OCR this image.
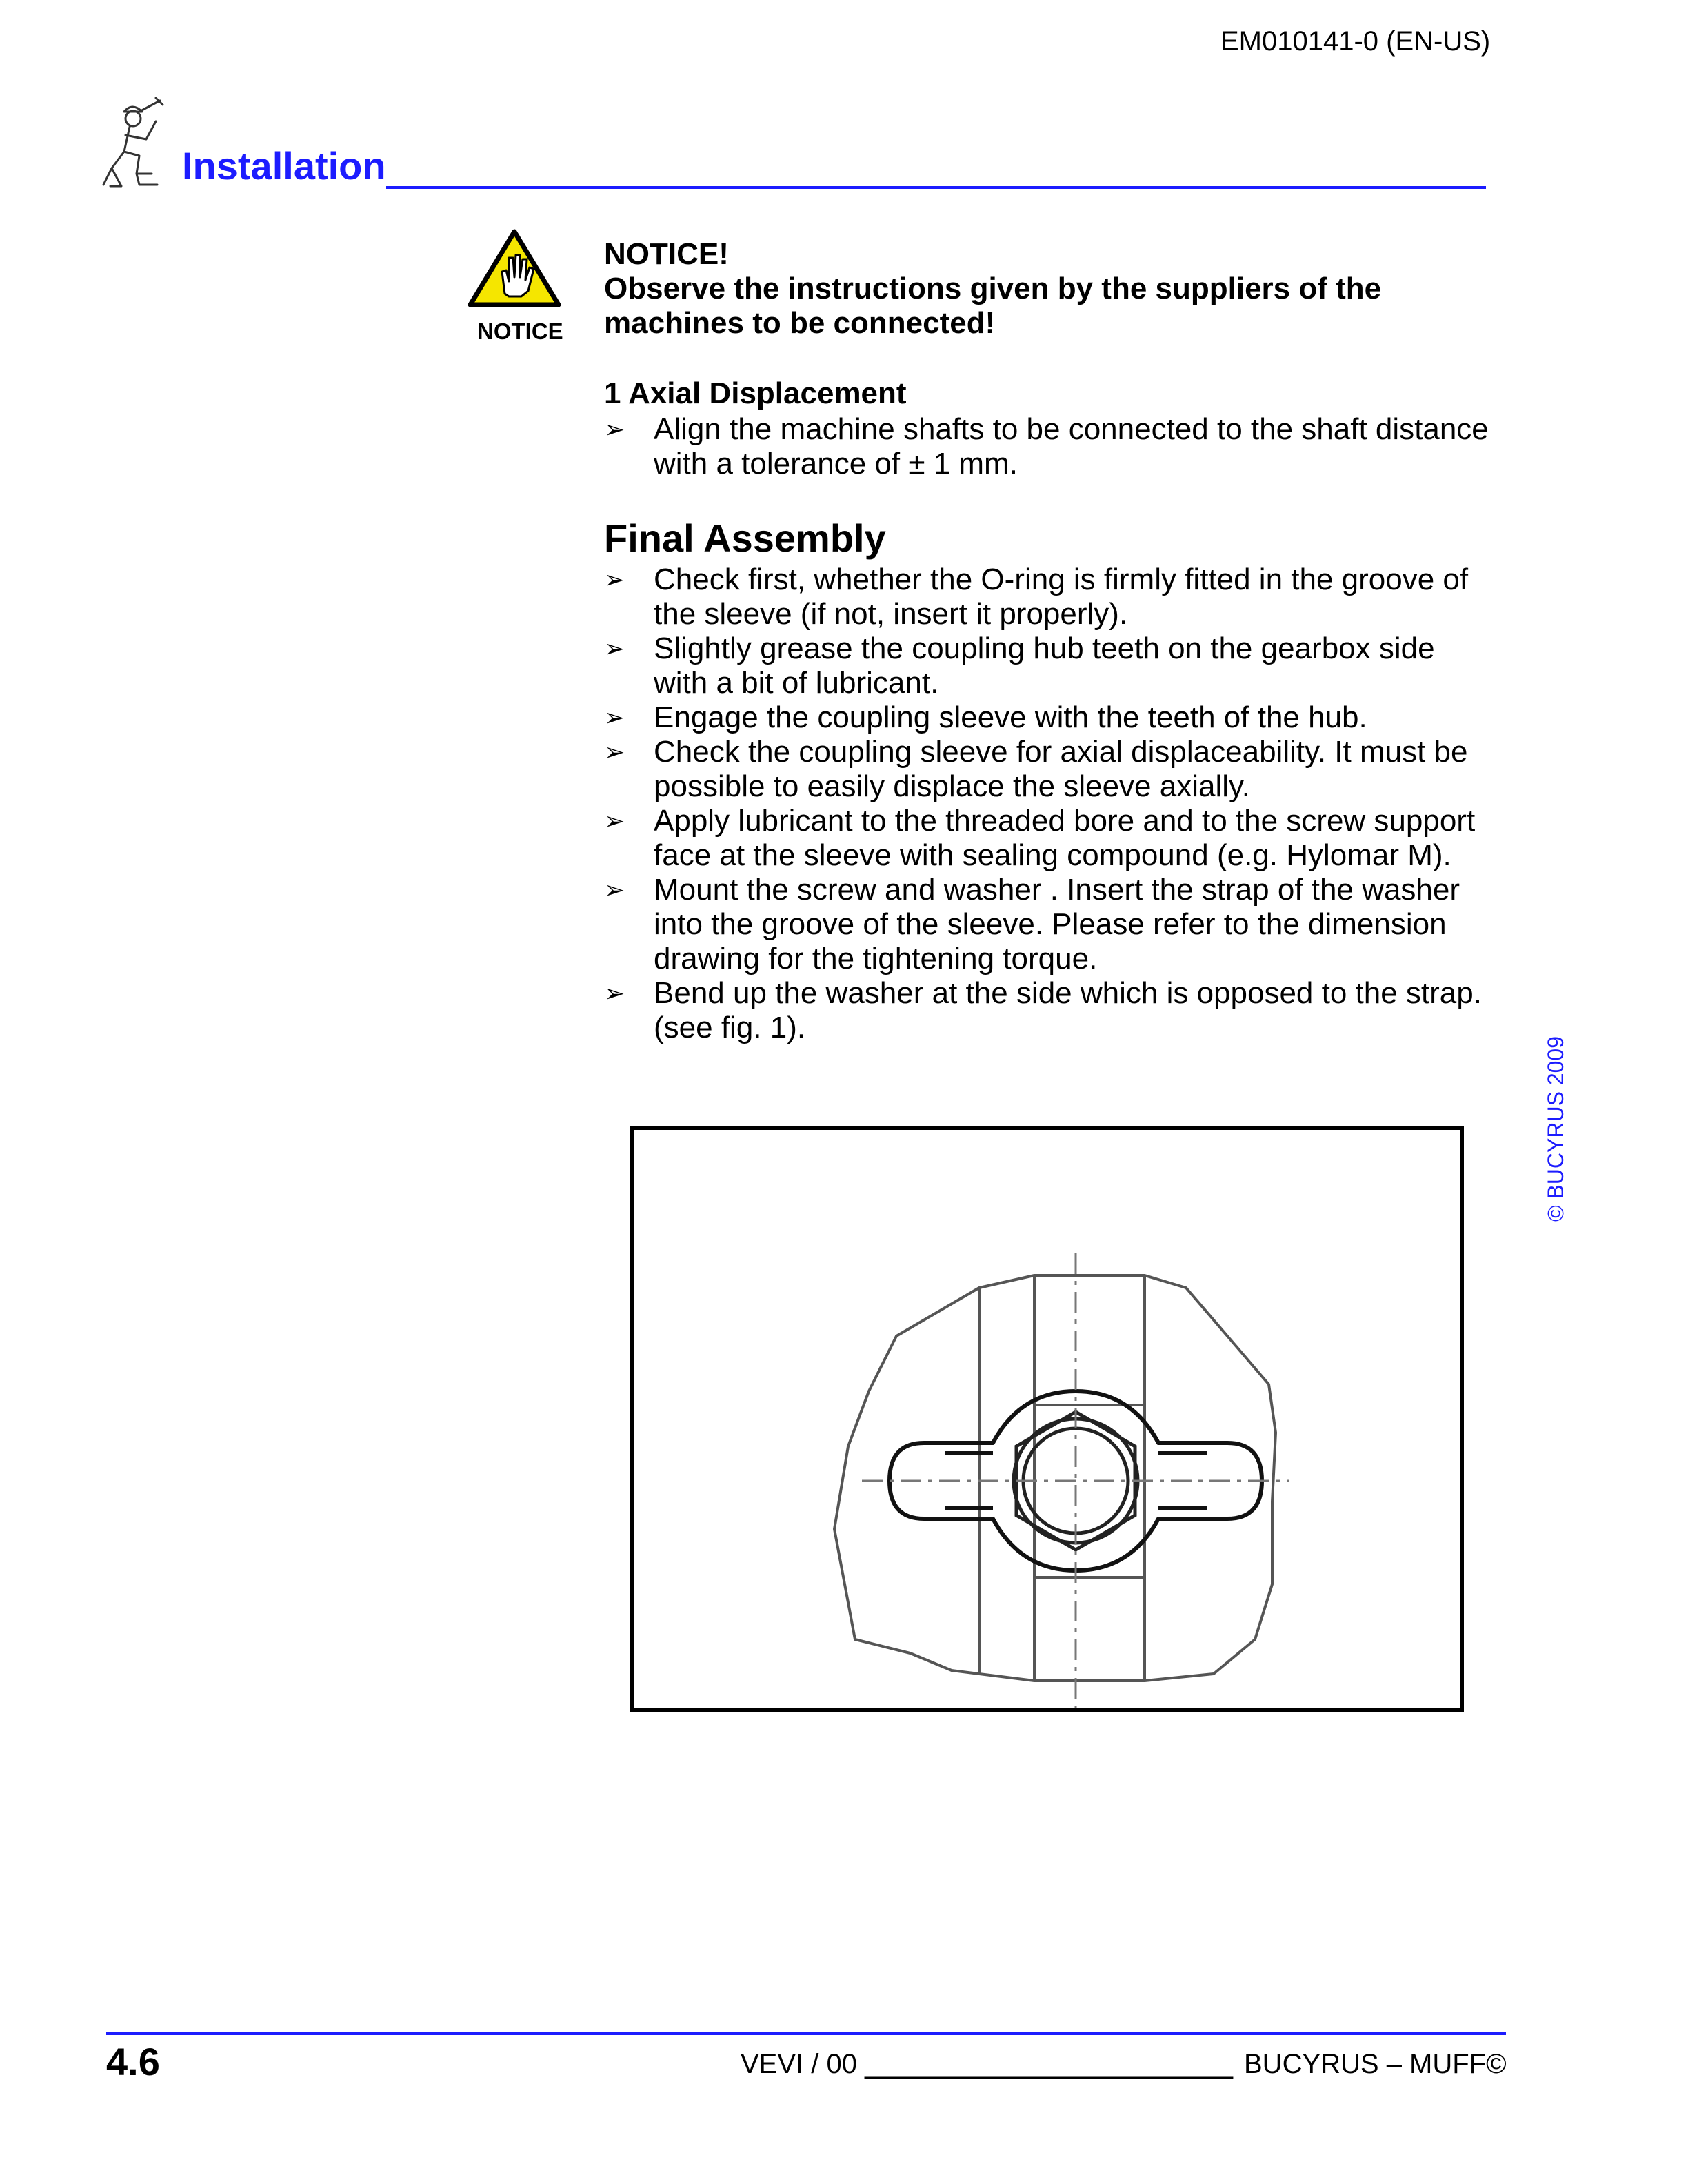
EM010141-0 (EN-US)
Installation
NOTICE
NOTICE!
Observe the instructions given by the suppliers of the machines to be connected!
1 Axial Displacement
➢ Align the machine shafts to be connected to the shaft distance with a tolerance of ± 1 mm.
Final Assembly
➢ Check first, whether the O-ring is firmly fitted in the groove of the sleeve (if not, insert it properly).
➢ Slightly grease the coupling hub teeth on the gearbox side with a bit of lubricant.
➢ Engage the coupling sleeve with the teeth of the hub.
➢ Check the coupling sleeve for axial displaceability. It must be possible to easily displace the sleeve axially.
➢ Apply lubricant to the threaded bore and to the screw support face at the sleeve with sealing compound (e.g. Hylomar M).
➢ Mount the screw and washer . Insert the strap of the washer into the groove of the sleeve. Please refer to the dimension drawing for the tightening torque.
➢ Bend up the washer at the side which is opposed to the strap. (see fig. 1).
© BUCYRUS 2009
4.6	VEVI / 00 ________________________ BUCYRUS – MUFF©
